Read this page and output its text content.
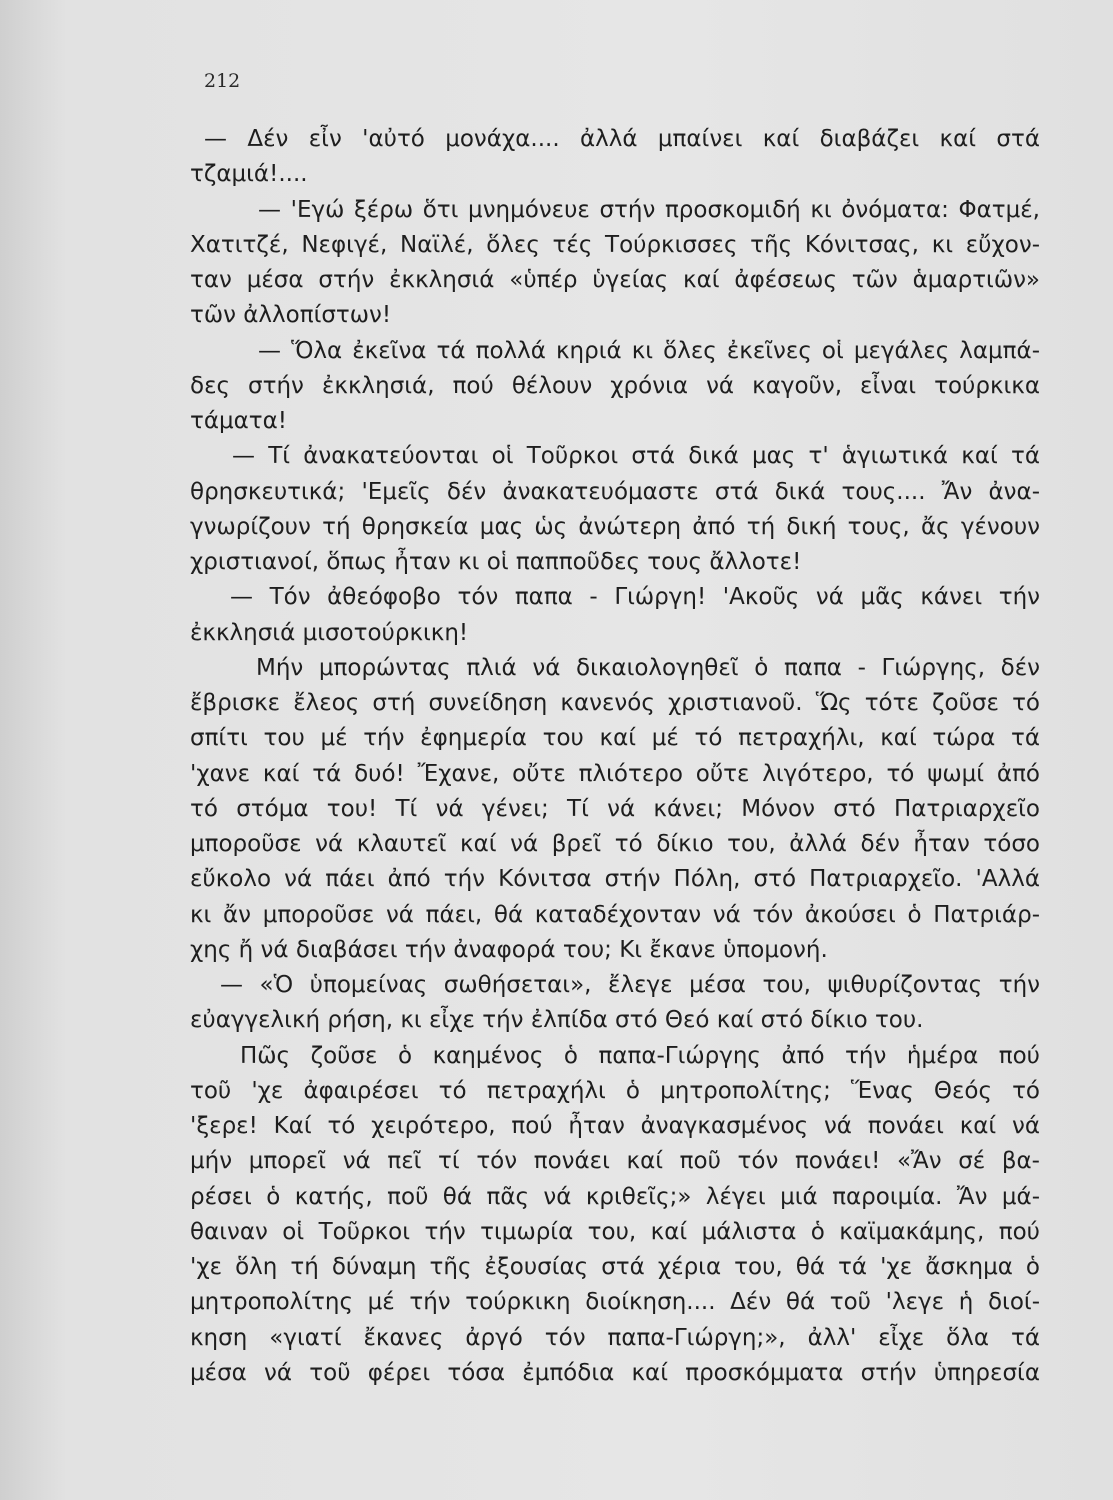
212
— Δέν εἶν 'αὐτό μονάχα.... ἀλλά μπαίνει καί διαβάζει καί στά
τζαμιά!....
— 'Εγώ ξέρω ὅτι μνημόνευε στήν προσκομιδή κι ὀνόματα: Φατμέ,
Χατιτζέ, Νεφιγέ, Ναϊλέ, ὅλες τές Τούρκισσες τῆς Κόνιτσας, κι εὔχον-
ταν μέσα στήν ἐκκλησιά «ὑπέρ ὑγείας καί ἀφέσεως τῶν ἁμαρτιῶν»
τῶν ἀλλοπίστων!
— Ὅλα ἐκεῖνα τά πολλά κηριά κι ὅλες ἐκεῖνες οἱ μεγάλες λαμπά-
δες στήν ἐκκλησιά, πού θέλουν χρόνια νά καγοῦν, εἶναι τούρκικα
τάματα!
— Τί ἀνακατεύονται οἱ Τοῦρκοι στά δικά μας τ' ἁγιωτικά καί τά
θρησκευτικά; 'Εμεῖς δέν ἀνακατευόμαστε στά δικά τους.... Ἄν ἀνα-
γνωρίζουν τή θρησκεία μας ὡς ἀνώτερη ἀπό τή δική τους, ἄς γένουν
χριστιανοί, ὅπως ἦταν κι οἱ παπποῦδες τους ἄλλοτε!
— Τόν ἀθεόφοβο τόν παπα - Γιώργη! 'Ακοῦς νά μᾶς κάνει τήν
ἐκκλησιά μισοτούρκικη!
Μήν μπορώντας πλιά νά δικαιολογηθεῖ ὁ παπα - Γιώργης, δέν
ἔβρισκε ἔλεος στή συνείδηση κανενός χριστιανοῦ. Ὥς τότε ζοῦσε τό
σπίτι του μέ τήν ἐφημερία του καί μέ τό πετραχήλι, καί τώρα τά
'χανε καί τά δυό! Ἔχανε, οὔτε πλιότερο οὔτε λιγότερο, τό ψωμί ἀπό
τό στόμα του! Τί νά γένει; Τί νά κάνει; Μόνον στό Πατριαρχεῖο
μποροῦσε νά κλαυτεῖ καί νά βρεῖ τό δίκιο του, ἀλλά δέν ἦταν τόσο
εὔκολο νά πάει ἀπό τήν Κόνιτσα στήν Πόλη, στό Πατριαρχεῖο. 'Αλλά
κι ἄν μποροῦσε νά πάει, θά καταδέχονταν νά τόν ἀκούσει ὁ Πατριάρ-
χης ἤ νά διαβάσει τήν ἀναφορά του; Κι ἔκανε ὑπομονή.
— «Ὁ ὑπομείνας σωθήσεται», ἔλεγε μέσα του, ψιθυρίζοντας τήν
εὐαγγελική ρήση, κι εἶχε τήν ἐλπίδα στό Θεό καί στό δίκιο του.
Πῶς ζοῦσε ὁ καημένος ὁ παπα-Γιώργης ἀπό τήν ἡμέρα πού
τοῦ 'χε ἀφαιρέσει τό πετραχήλι ὁ μητροπολίτης; Ἕνας Θεός τό
'ξερε! Καί τό χειρότερο, πού ἦταν ἀναγκασμένος νά πονάει καί νά
μήν μπορεῖ νά πεῖ τί τόν πονάει καί ποῦ τόν πονάει! «Ἄν σέ βα-
ρέσει ὁ κατής, ποῦ θά πᾶς νά κριθεῖς;» λέγει μιά παροιμία. Ἄν μά-
θαιναν οἱ Τοῦρκοι τήν τιμωρία του, καί μάλιστα ὁ καϊμακάμης, πού
'χε ὅλη τή δύναμη τῆς ἐξουσίας στά χέρια του, θά τά 'χε ἄσκημα ὁ
μητροπολίτης μέ τήν τούρκικη διοίκηση.... Δέν θά τοῦ 'λεγε ἡ διοί-
κηση «γιατί ἔκανες ἀργό τόν παπα-Γιώργη;», ἀλλ' εἶχε ὅλα τά
μέσα νά τοῦ φέρει τόσα ἐμπόδια καί προσκόμματα στήν ὑπηρεσία
